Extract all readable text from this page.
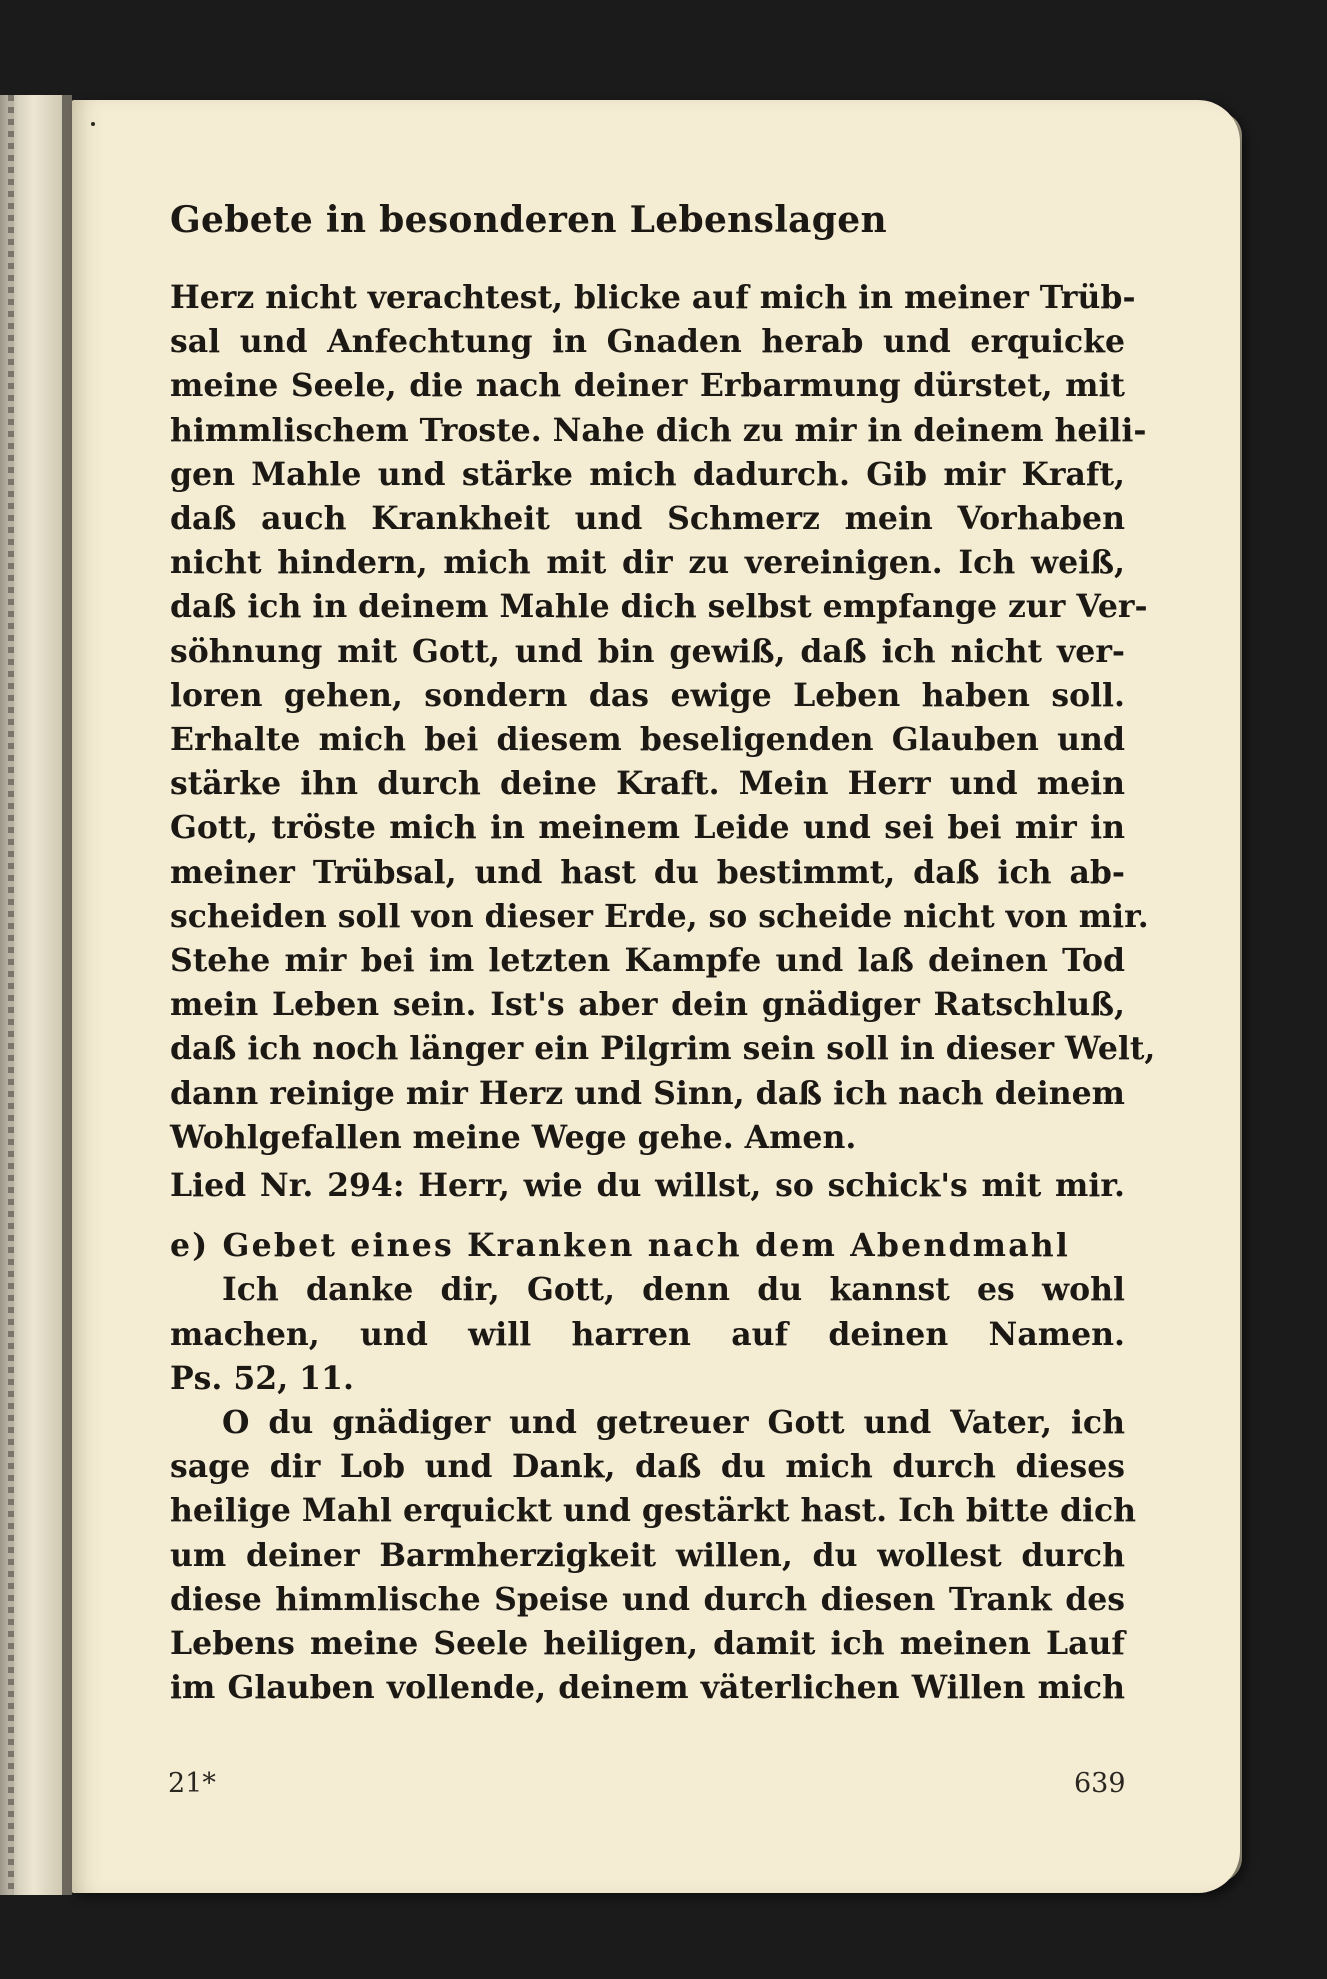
Gebete in besonderen Lebenslagen
Herz nicht verachtest, blicke auf mich in meiner Trüb-
sal und Anfechtung in Gnaden herab und erquicke
meine Seele, die nach deiner Erbarmung dürstet, mit
himmlischem Troste. Nahe dich zu mir in deinem heili-
gen Mahle und stärke mich dadurch. Gib mir Kraft,
daß auch Krankheit und Schmerz mein Vorhaben
nicht hindern, mich mit dir zu vereinigen. Ich weiß,
daß ich in deinem Mahle dich selbst empfange zur Ver-
söhnung mit Gott, und bin gewiß, daß ich nicht ver-
loren gehen, sondern das ewige Leben haben soll.
Erhalte mich bei diesem beseligenden Glauben und
stärke ihn durch deine Kraft. Mein Herr und mein
Gott, tröste mich in meinem Leide und sei bei mir in
meiner Trübsal, und hast du bestimmt, daß ich ab-
scheiden soll von dieser Erde, so scheide nicht von mir.
Stehe mir bei im letzten Kampfe und laß deinen Tod
mein Leben sein. Ist's aber dein gnädiger Ratschluß,
daß ich noch länger ein Pilgrim sein soll in dieser Welt,
dann reinige mir Herz und Sinn, daß ich nach deinem
Wohlgefallen meine Wege gehe. Amen.
Lied Nr. 294: Herr, wie du willst, so schick's mit mir.
e) Gebet eines Kranken nach dem Abendmahl
Ich danke dir, Gott, denn du kannst es wohl
machen, und will harren auf deinen Namen.
Ps. 52, 11.
O du gnädiger und getreuer Gott und Vater, ich
sage dir Lob und Dank, daß du mich durch dieses
heilige Mahl erquickt und gestärkt hast. Ich bitte dich
um deiner Barmherzigkeit willen, du wollest durch
diese himmlische Speise und durch diesen Trank des
Lebens meine Seele heiligen, damit ich meinen Lauf
im Glauben vollende, deinem väterlichen Willen mich
21*	639
